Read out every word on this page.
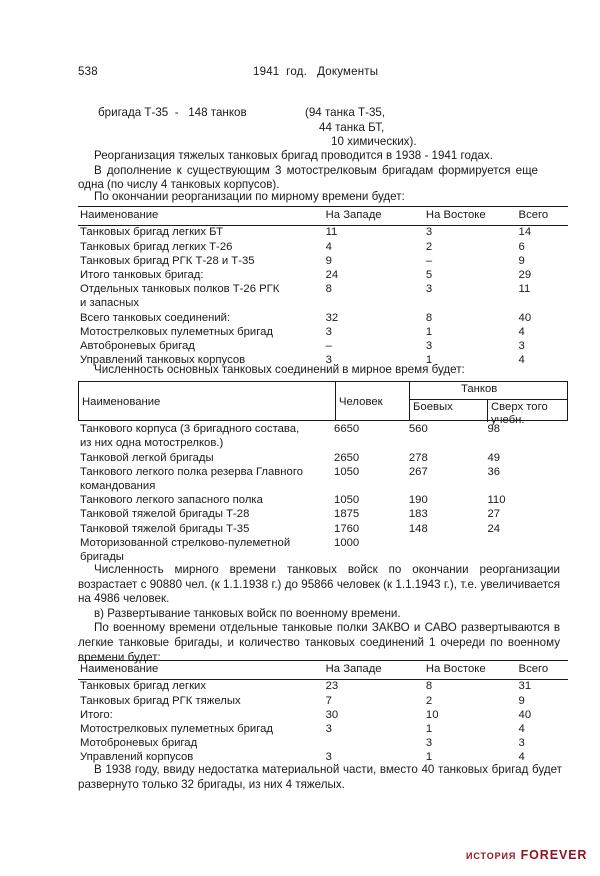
538	1941  год.   Документы
бригада Т-35  -   148 танков	(94 танка Т-35,
44 танка БТ,
10 химических).

Реорганизация тяжелых танковых бригад проводится в 1938 - 1941 годах.

В дополнение к существующим 3 мотострелковым бригадам формируется еще одна (по числу 4 танковых корпусов).

По окончании реорганизации по мирному времени будет:

Наименование	На Западе	На Востоке	Всего
Танковых бригад легких БТ	11	3	14
Танковых бригад легких Т-26	4	2	6
Танковых бригад РГК Т-28 и Т-35	9	–	9
Итого танковых бригад:	24	5	29
Отдельных танковых полков Т-26 РГК	8	3	11
и запасных			
Всего танковых соединений:	32	8	40
Мотострелковых пулеметных бригад	3	1	4
Автоброневых бригад	–	3	3
Управлений танковых корпусов	3	1	4

Численность основных танковых соединений в мирное время будет:

Наименование	Человек
Танков
Боевых	Сверх того учебн.
Танкового корпуса (3 бригадного состава,	6650	560	98
из них одна мотострелков.)			
Танковой легкой бригады	2650	278	49
Танкового легкого полка резерва Главного	1050	267	36
командования			
Танкового легкого запасного полка	1050	190	110
Танковой тяжелой бригады Т-28	1875	183	27
Танковой тяжелой бригады Т-35	1760	148	24
Моторизованной стрелково-пулеметной	1000		
бригады			

Численность мирного времени танковых войск по окончании реорганизации возрастает с 90880 чел. (к 1.1.1938 г.) до 95866 человек (к 1.1.1943 г.), т.е. увеличивается на 4986 человек.

в) Развертывание танковых войск по военному времени.

По военному времени отдельные танковые полки ЗАКВО и САВО развертываются в легкие танковые бригады, и количество танковых соединений 1 очереди по военному времени будет:

Наименование	На Западе	На Востоке	Всего
Танковых бригад легких	23	8	31
Танковых бригад РГК тяжелых	7	2	9
Итого:	30	10	40
Мотострелковых пулеметных бригад	3	1	4
Мотоброневых бригад		3	3
Управлений корпусов	3	1	4

В 1938 году, ввиду недостатка материальной части, вместо 40 танковых бригад будет развернуто только 32 бригады, из них 4 тяжелых.

история FOREVER
